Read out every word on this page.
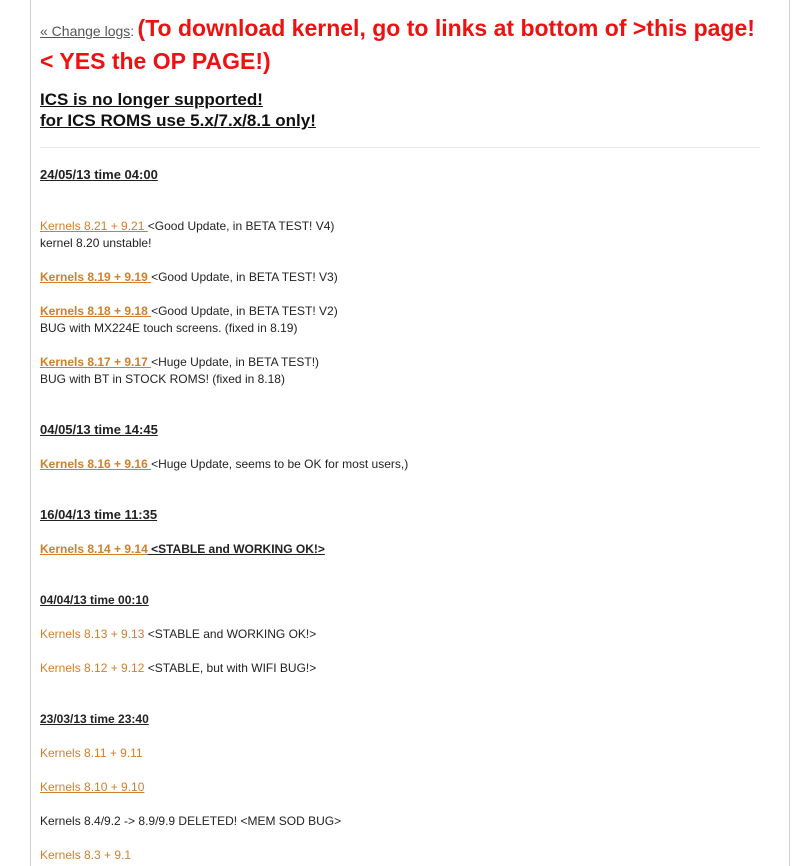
« Change logs: (To download kernel, go to links at bottom of >this page!< YES the OP PAGE!)
ICS is no longer supported!
for ICS ROMS use 5.x/7.x/8.1 only!
24/05/13 time 04:00
Kernels 8.21 + 9.21 <Good Update, in BETA TEST! V4)
kernel 8.20 unstable!
Kernels 8.19 + 9.19 <Good Update, in BETA TEST! V3)
Kernels 8.18 + 9.18 <Good Update, in BETA TEST! V2)
BUG with MX224E touch screens. (fixed in 8.19)
Kernels 8.17 + 9.17 <Huge Update, in BETA TEST!)
BUG with BT in STOCK ROMS! (fixed in 8.18)
04/05/13 time 14:45
Kernels 8.16 + 9.16 <Huge Update, seems to be OK for most users,)
16/04/13 time 11:35
Kernels 8.14 + 9.14 <STABLE and WORKING OK!>
04/04/13 time 00:10
Kernels 8.13 + 9.13 <STABLE and WORKING OK!>
Kernels 8.12 + 9.12 <STABLE, but with WIFI BUG!>
23/03/13 time 23:40
Kernels 8.11 + 9.11
Kernels 8.10 + 9.10
Kernels 8.4/9.2 -> 8.9/9.9 DELETED! <MEM SOD BUG>
Kernels 8.3 + 9.1
